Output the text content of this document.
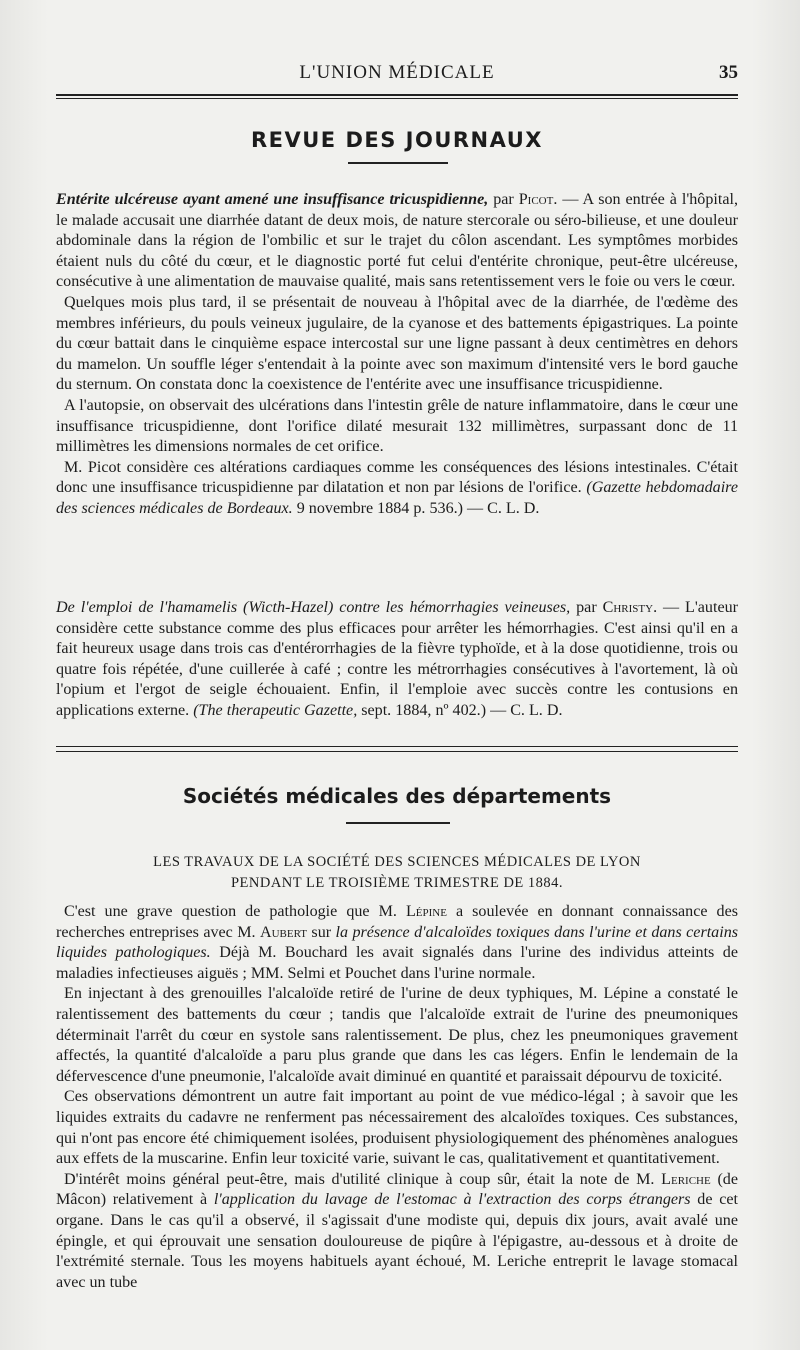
L'UNION MÉDICALE	35
REVUE DES JOURNAUX

Entérite ulcéreuse ayant amené une insuffisance tricuspidienne, par Picot. — A son entrée à l'hôpital, le malade accusait une diarrhée datant de deux mois, de nature stercorale ou séro-bilieuse, et une douleur abdominale dans la région de l'ombilic et sur le trajet du côlon ascendant. Les symptômes morbides étaient nuls du côté du cœur, et le diagnostic porté fut celui d'entérite chronique, peut-être ulcéreuse, consécutive à une alimentation de mauvaise qualité, mais sans retentissement vers le foie ou vers le cœur.

Quelques mois plus tard, il se présentait de nouveau à l'hôpital avec de la diarrhée, de l'œdème des membres inférieurs, du pouls veineux jugulaire, de la cyanose et des battements épigastriques. La pointe du cœur battait dans le cinquième espace intercostal sur une ligne passant à deux centimètres en dehors du mamelon. Un souffle léger s'entendait à la pointe avec son maximum d'intensité vers le bord gauche du sternum. On constata donc la coexistence de l'entérite avec une insuffisance tricuspidienne.

A l'autopsie, on observait des ulcérations dans l'intestin grêle de nature inflammatoire, dans le cœur une insuffisance tricuspidienne, dont l'orifice dilaté mesurait 132 millimètres, surpassant donc de 11 millimètres les dimensions normales de cet orifice.

M. Picot considère ces altérations cardiaques comme les conséquences des lésions intestinales. C'était donc une insuffisance tricuspidienne par dilatation et non par lésions de l'orifice. (Gazette hebdomadaire des sciences médicales de Bordeaux. 9 novembre 1884 p. 536.) — C. L. D.

De l'emploi de l'hamamelis (Wicth-Hazel) contre les hémorrhagies veineuses, par Christy. — L'auteur considère cette substance comme des plus efficaces pour arrêter les hémorrhagies. C'est ainsi qu'il en a fait heureux usage dans trois cas d'entérorrhagies de la fièvre typhoïde, et à la dose quotidienne, trois ou quatre fois répétée, d'une cuillerée à café ; contre les métrorrhagies consécutives à l'avortement, là où l'opium et l'ergot de seigle échouaient. Enfin, il l'emploie avec succès contre les contusions en applications externe. (The therapeutic Gazette, sept. 1884, nº 402.) — C. L. D.

Sociétés médicales des départements
LES TRAVAUX DE LA SOCIÉTÉ DES SCIENCES MÉDICALES DE LYON
PENDANT LE TROISIÈME TRIMESTRE DE 1884.

C'est une grave question de pathologie que M. Lépine a soulevée en donnant connaissance des recherches entreprises avec M. Aubert sur la présence d'alcaloïdes toxiques dans l'urine et dans certains liquides pathologiques. Déjà M. Bouchard les avait signalés dans l'urine des individus atteints de maladies infectieuses aiguës ; MM. Selmi et Pouchet dans l'urine normale.

En injectant à des grenouilles l'alcaloïde retiré de l'urine de deux typhiques, M. Lépine a constaté le ralentissement des battements du cœur ; tandis que l'alcaloïde extrait de l'urine des pneumoniques déterminait l'arrêt du cœur en systole sans ralentissement. De plus, chez les pneumoniques gravement affectés, la quantité d'alcaloïde a paru plus grande que dans les cas légers. Enfin le lendemain de la défervescence d'une pneumonie, l'alcaloïde avait diminué en quantité et paraissait dépourvu de toxicité.

Ces observations démontrent un autre fait important au point de vue médico-légal ; à savoir que les liquides extraits du cadavre ne renferment pas nécessairement des alcaloïdes toxiques. Ces substances, qui n'ont pas encore été chimiquement isolées, produisent physiologiquement des phénomènes analogues aux effets de la muscarine. Enfin leur toxicité varie, suivant le cas, qualitativement et quantitativement.

D'intérêt moins général peut-être, mais d'utilité clinique à coup sûr, était la note de M. Leriche (de Mâcon) relativement à l'application du lavage de l'estomac à l'extraction des corps étrangers de cet organe. Dans le cas qu'il a observé, il s'agissait d'une modiste qui, depuis dix jours, avait avalé une épingle, et qui éprouvait une sensation douloureuse de piqûre à l'épigastre, au-dessous et à droite de l'extrémité sternale. Tous les moyens habituels ayant échoué, M. Leriche entreprit le lavage stomacal avec un tube
